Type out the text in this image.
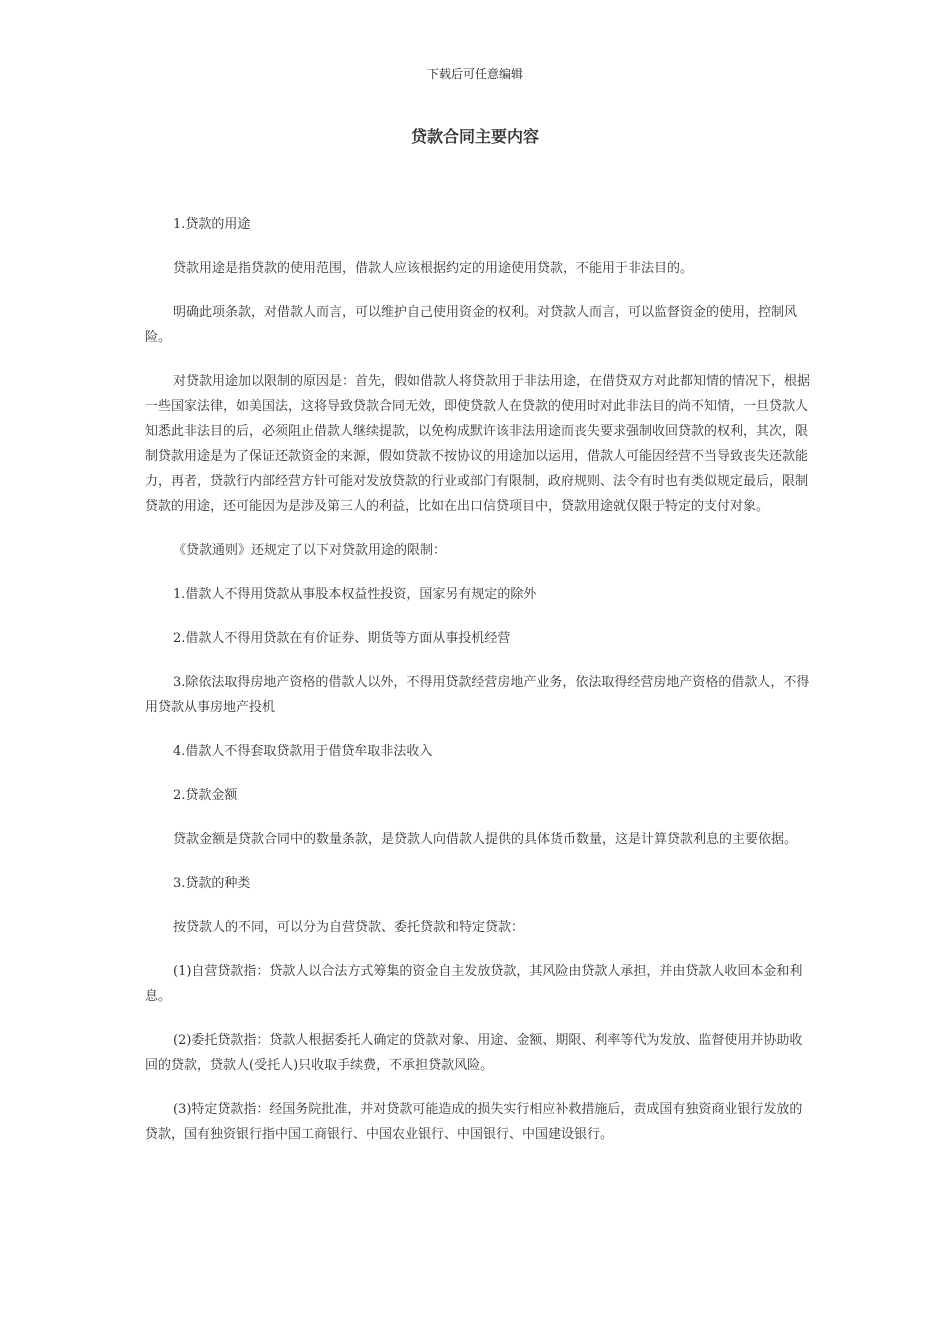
下载后可任意编辑
贷款合同主要内容

1.贷款的用途

贷款用途是指贷款的使用范围，借款人应该根据约定的用途使用贷款，不能用于非法目的。

明确此项条款，对借款人而言，可以维护自己使用资金的权利。对贷款人而言，可以监督资金的使用，控制风险。

对贷款用途加以限制的原因是：首先，假如借款人将贷款用于非法用途，在借贷双方对此都知情的情况下，根据一些国家法律，如美国法，这将导致贷款合同无效，即使贷款人在贷款的使用时对此非法目的尚不知情，一旦贷款人知悉此非法目的后，必须阻止借款人继续提款，以免构成默许该非法用途而丧失要求强制收回贷款的权利，其次，限制贷款用途是为了保证还款资金的来源，假如贷款不按协议的用途加以运用，借款人可能因经营不当导致丧失还款能力，再者，贷款行内部经营方针可能对发放贷款的行业或部门有限制，政府规则、法令有时也有类似规定最后，限制贷款的用途，还可能因为是涉及第三人的利益，比如在出口信贷项目中，贷款用途就仅限于特定的支付对象。

《贷款通则》还规定了以下对贷款用途的限制：

1.借款人不得用贷款从事股本权益性投资，国家另有规定的除外

2.借款人不得用贷款在有价证券、期货等方面从事投机经营

3.除依法取得房地产资格的借款人以外，不得用贷款经营房地产业务，依法取得经营房地产资格的借款人，不得用贷款从事房地产投机

4.借款人不得套取贷款用于借贷牟取非法收入

2.贷款金额

贷款金额是贷款合同中的数量条款，是贷款人向借款人提供的具体货币数量，这是计算贷款利息的主要依据。

3.贷款的种类

按贷款人的不同，可以分为自营贷款、委托贷款和特定贷款：

(1)自营贷款指：贷款人以合法方式筹集的资金自主发放贷款，其风险由贷款人承担，并由贷款人收回本金和利息。

(2)委托贷款指：贷款人根据委托人确定的贷款对象、用途、金额、期限、利率等代为发放、监督使用并协助收回的贷款，贷款人(受托人)只收取手续费，不承担贷款风险。

(3)特定贷款指：经国务院批准，并对贷款可能造成的损失实行相应补救措施后，责成国有独资商业银行发放的贷款，国有独资银行指中国工商银行、中国农业银行、中国银行、中国建设银行。
